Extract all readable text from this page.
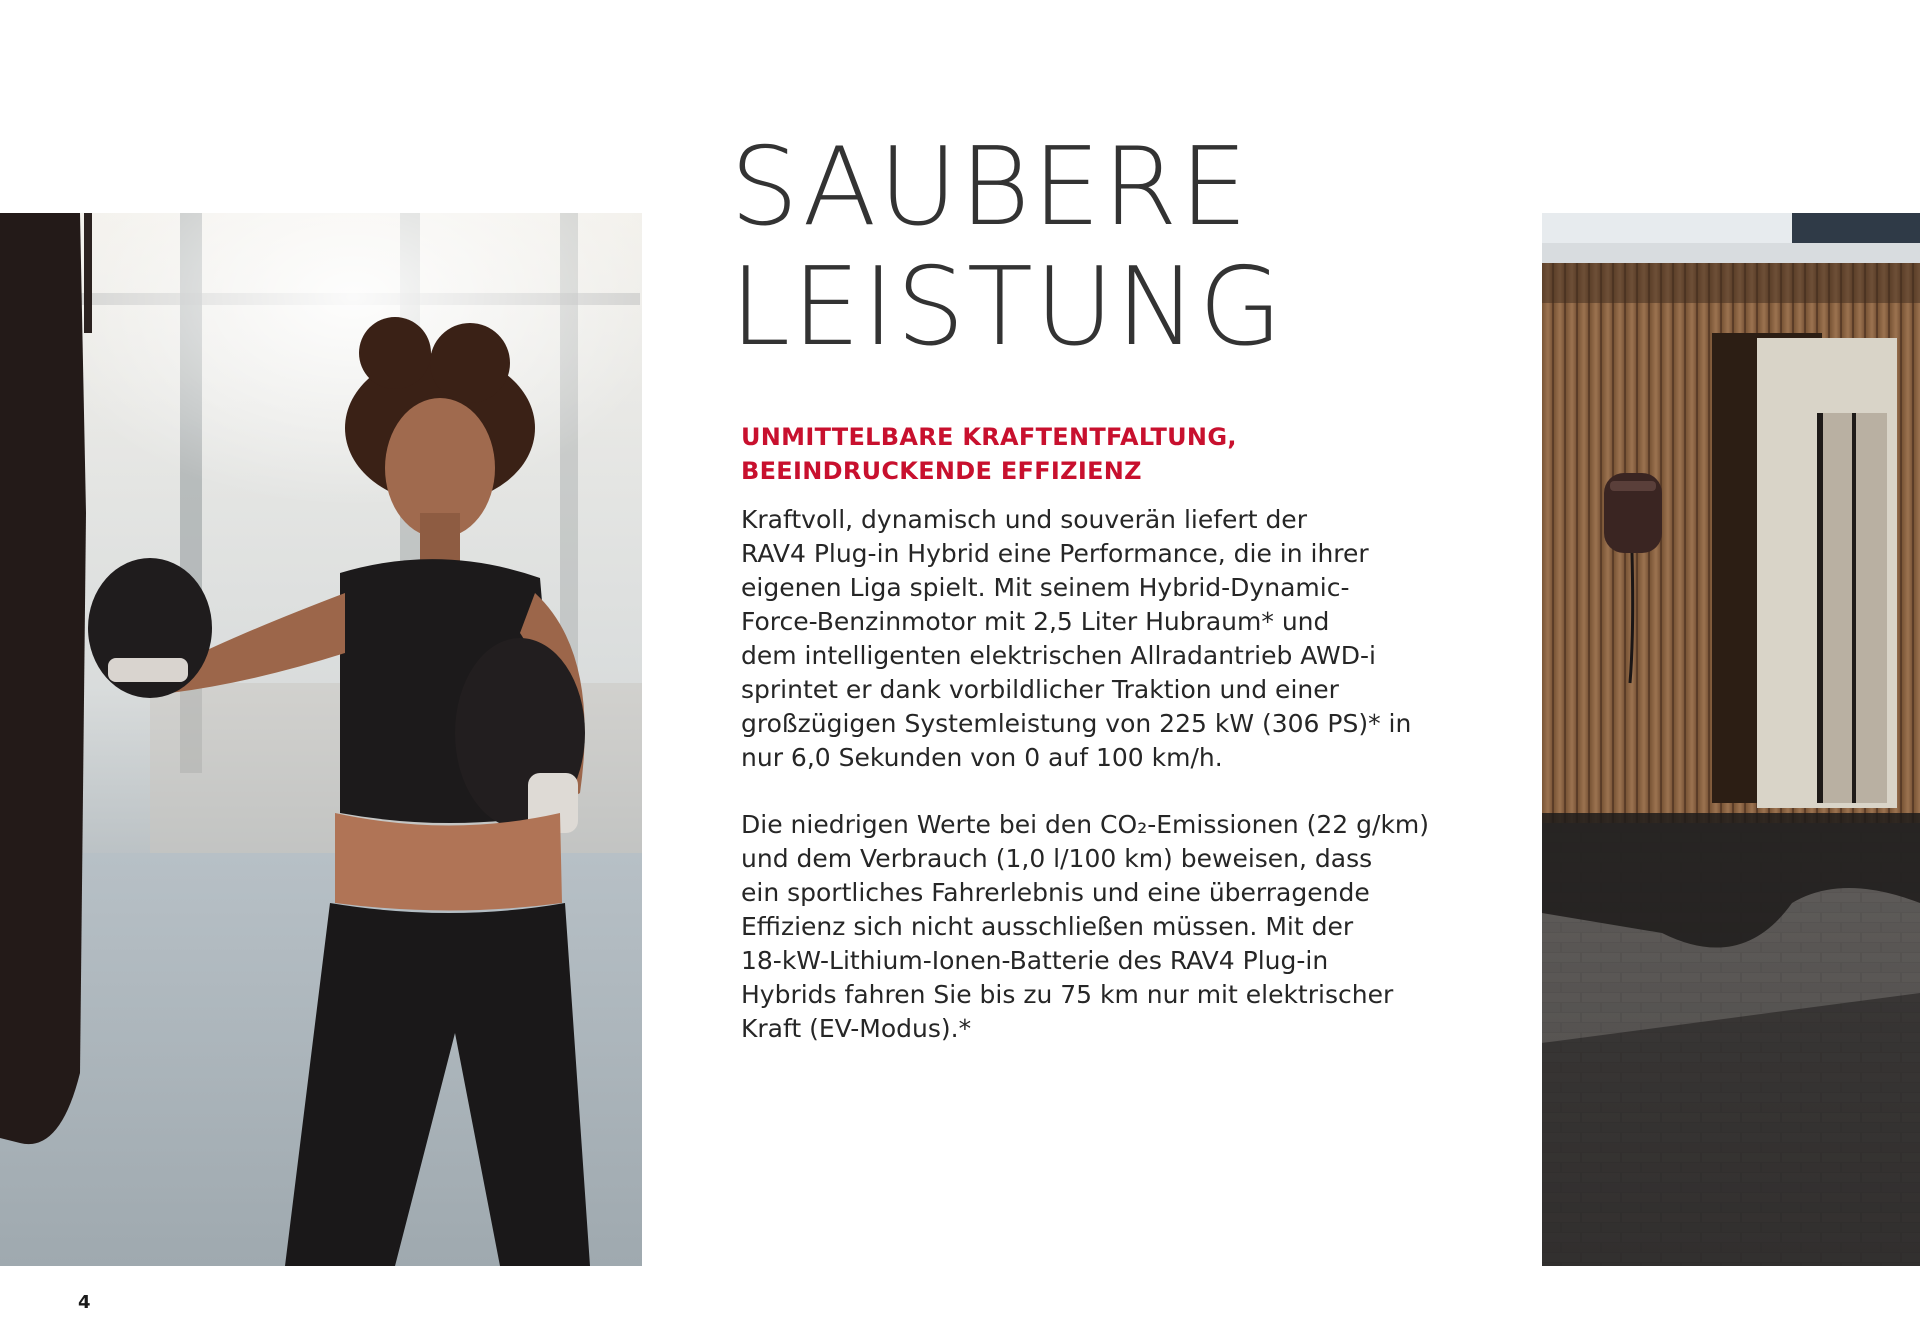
SAUBERE
LEISTUNG
UNMITTELBARE KRAFTENTFALTUNG,
BEEINDRUCKENDE EFFIZIENZ

Kraftvoll, dynamisch und souverän liefert der
RAV4 Plug-in Hybrid eine Performance, die in ihrer
eigenen Liga spielt. Mit seinem Hybrid-Dynamic-
Force-Benzinmotor mit 2,5 Liter Hubraum* und
dem intelligenten elektrischen Allradantrieb AWD-i
sprintet er dank vorbildlicher Traktion und einer
großzügigen Systemleistung von 225 kW (306 PS)* in
nur 6,0 Sekunden von 0 auf 100 km/h.

Die niedrigen Werte bei den CO₂-Emissionen (22 g/km)
und dem Verbrauch (1,0 l/100 km) beweisen, dass
ein sportliches Fahrerlebnis und eine überragende
Effizienz sich nicht ausschließen müssen. Mit der
18-kW-Lithium-Ionen-Batterie des RAV4 Plug-in
Hybrids fahren Sie bis zu 75 km nur mit elektrischer
Kraft (EV-Modus).*

4
